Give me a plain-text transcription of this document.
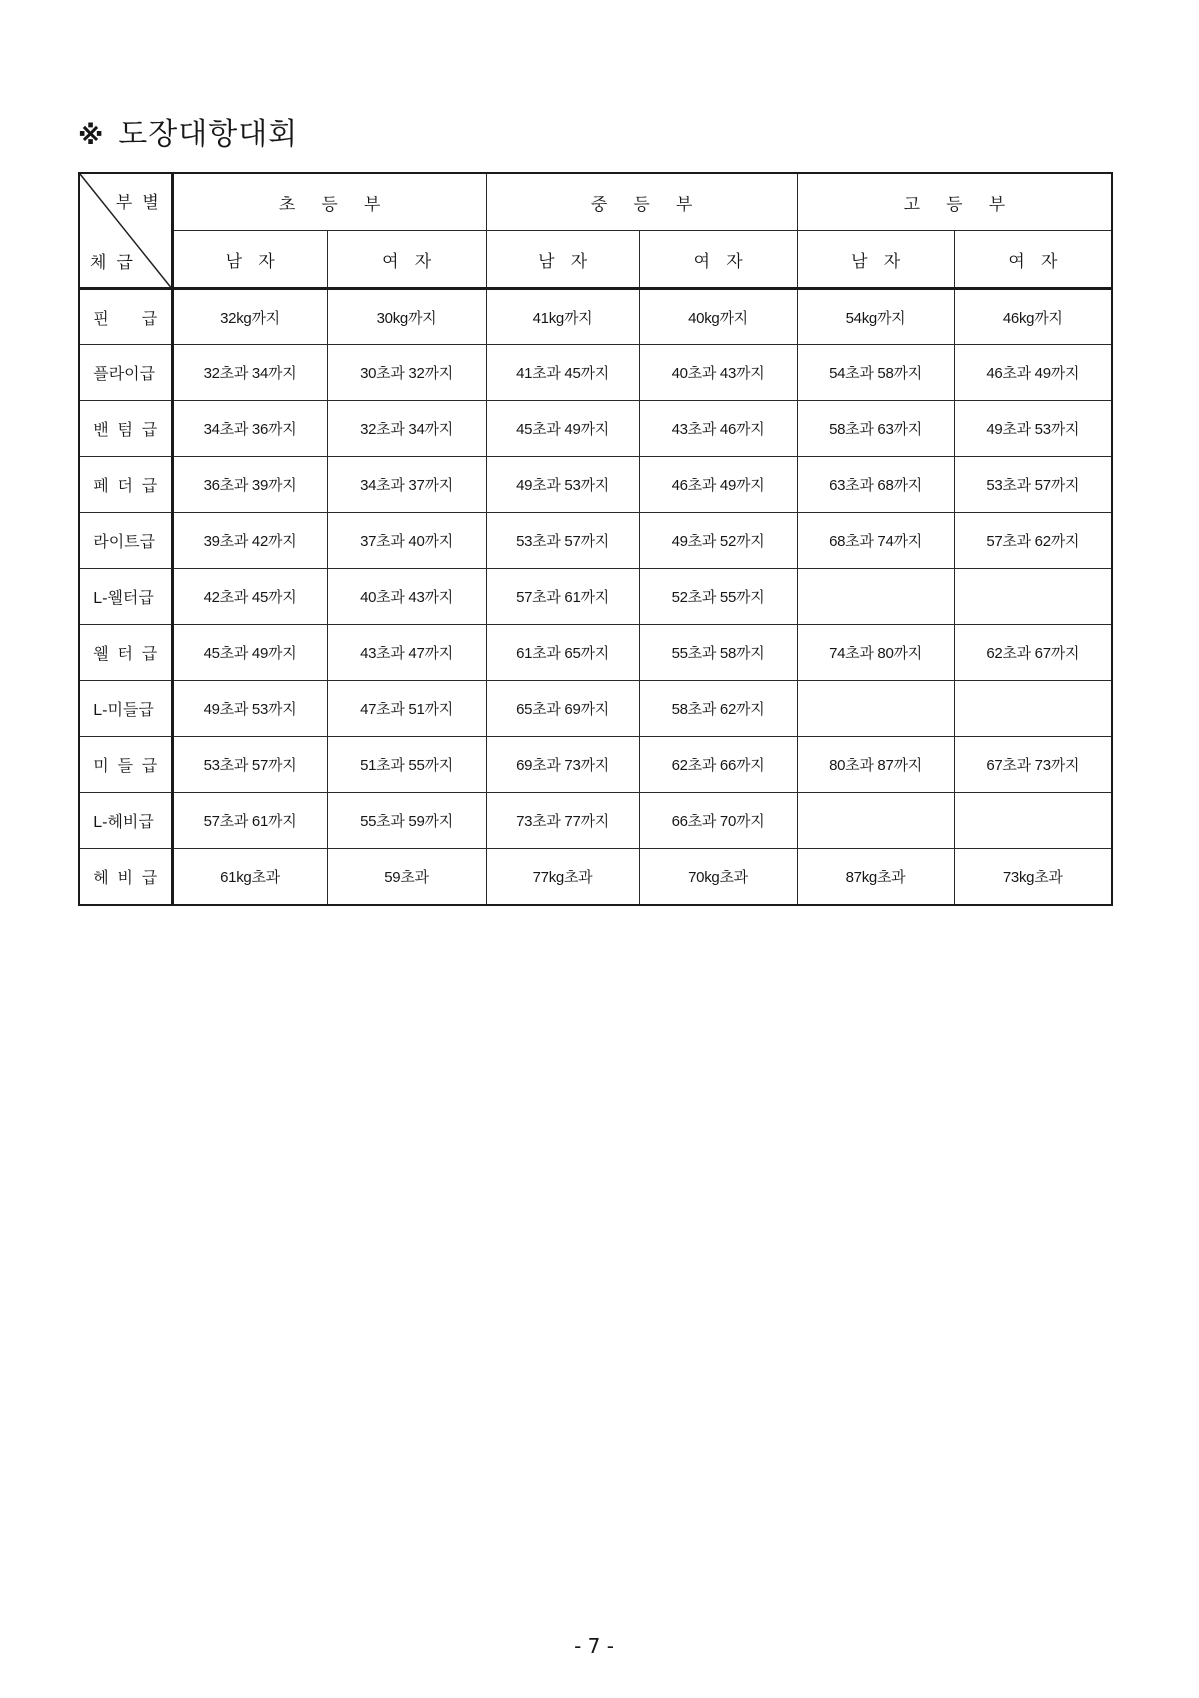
※ 도장대항대회
부 별
체 급	초 등 부		중 등 부		고 등 부	
	남 자	여 자	남 자	여 자	남 자	여 자
핀 급	32kg까지	30kg까지	41kg까지	40kg까지	54kg까지	46kg까지
플라이급	32초과 34까지	30초과 32까지	41초과 45까지	40초과 43까지	54초과 58까지	46초과 49까지
밴 텀 급	34초과 36까지	32초과 34까지	45초과 49까지	43초과 46까지	58초과 63까지	49초과 53까지
페 더 급	36초과 39까지	34초과 37까지	49초과 53까지	46초과 49까지	63초과 68까지	53초과 57까지
라이트급	39초과 42까지	37초과 40까지	53초과 57까지	49초과 52까지	68초과 74까지	57초과 62까지
L-웰터급	42초과 45까지	40초과 43까지	57초과 61까지	52초과 55까지		
웰 터 급	45초과 49까지	43초과 47까지	61초과 65까지	55초과 58까지	74초과 80까지	62초과 67까지
L-미들급	49초과 53까지	47초과 51까지	65초과 69까지	58초과 62까지		
미 들 급	53초과 57까지	51초과 55까지	69초과 73까지	62초과 66까지	80초과 87까지	67초과 73까지
L-헤비급	57초과 61까지	55초과 59까지	73초과 77까지	66초과 70까지		
헤 비 급	61kg초과	59초과	77kg초과	70kg초과	87kg초과	73kg초과
- 7 -
